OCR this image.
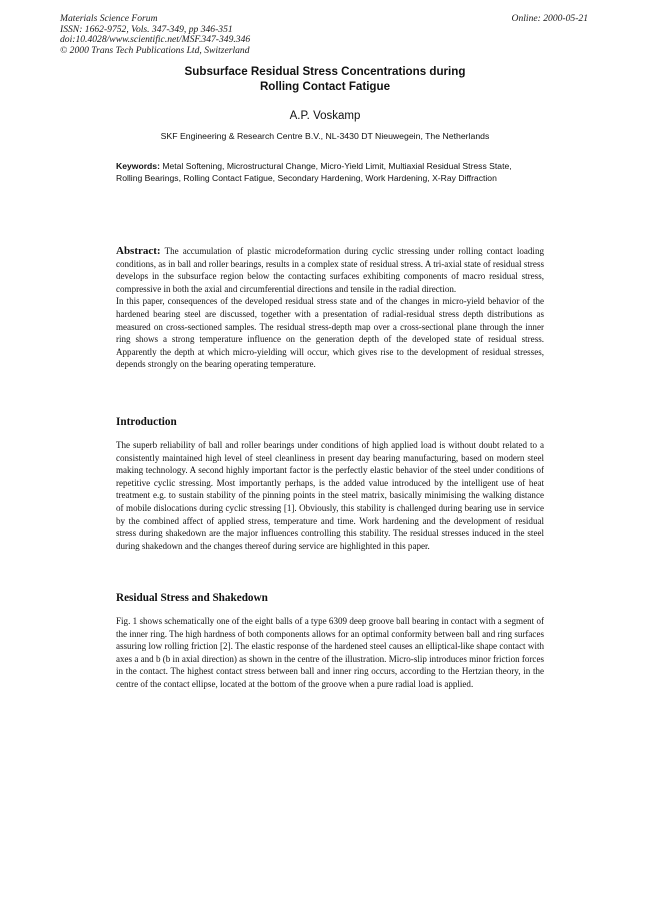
Materials Science Forum
ISSN: 1662-9752, Vols. 347-349, pp 346-351
doi:10.4028/www.scientific.net/MSF.347-349.346
© 2000 Trans Tech Publications Ltd, Switzerland
Online: 2000-05-21
Subsurface Residual Stress Concentrations during
Rolling Contact Fatigue
A.P. Voskamp
SKF Engineering & Research Centre B.V., NL-3430 DT Nieuwegein, The Netherlands
Keywords: Metal Softening, Microstructural Change, Micro-Yield Limit, Multiaxial Residual Stress State, Rolling Bearings, Rolling Contact Fatigue, Secondary Hardening, Work Hardening, X-Ray Diffraction

Abstract: The accumulation of plastic microdeformation during cyclic stressing under rolling contact loading conditions, as in ball and roller bearings, results in a complex state of residual stress. A tri-axial state of residual stress develops in the subsurface region below the contacting surfaces exhibiting components of macro residual stress, compressive in both the axial and circumferential directions and tensile in the radial direction.

In this paper, consequences of the developed residual stress state and of the changes in micro-yield behavior of the hardened bearing steel are discussed, together with a presentation of radial-residual stress depth distributions as measured on cross-sectioned samples. The residual stress-depth map over a cross-sectional plane through the inner ring shows a strong temperature influence on the generation depth of the developed state of residual stress. Apparently the depth at which micro-yielding will occur, which gives rise to the development of residual stresses, depends strongly on the bearing operating temperature.

Introduction

The superb reliability of ball and roller bearings under conditions of high applied load is without doubt related to a consistently maintained high level of steel cleanliness in present day bearing manufacturing, based on modern steel making technology. A second highly important factor is the perfectly elastic behavior of the steel under conditions of repetitive cyclic stressing. Most importantly perhaps, is the added value introduced by the intelligent use of heat treatment e.g. to sustain stability of the pinning points in the steel matrix, basically minimising the walking distance of mobile dislocations during cyclic stressing [1]. Obviously, this stability is challenged during bearing use in service by the combined affect of applied stress, temperature and time. Work hardening and the development of residual stress during shakedown are the major influences controlling this stability. The residual stresses induced in the steel during shakedown and the changes thereof during service are highlighted in this paper.

Residual Stress and Shakedown

Fig. 1 shows schematically one of the eight balls of a type 6309 deep groove ball bearing in contact with a segment of the inner ring. The high hardness of both components allows for an optimal conformity between ball and ring surfaces assuring low rolling friction [2]. The elastic response of the hardened steel causes an elliptical-like shape contact with axes a and b (b in axial direction) as shown in the centre of the illustration. Micro-slip introduces minor friction forces in the contact. The highest contact stress between ball and inner ring occurs, according to the Hertzian theory, in the centre of the contact ellipse, located at the bottom of the groove when a pure radial load is applied.
